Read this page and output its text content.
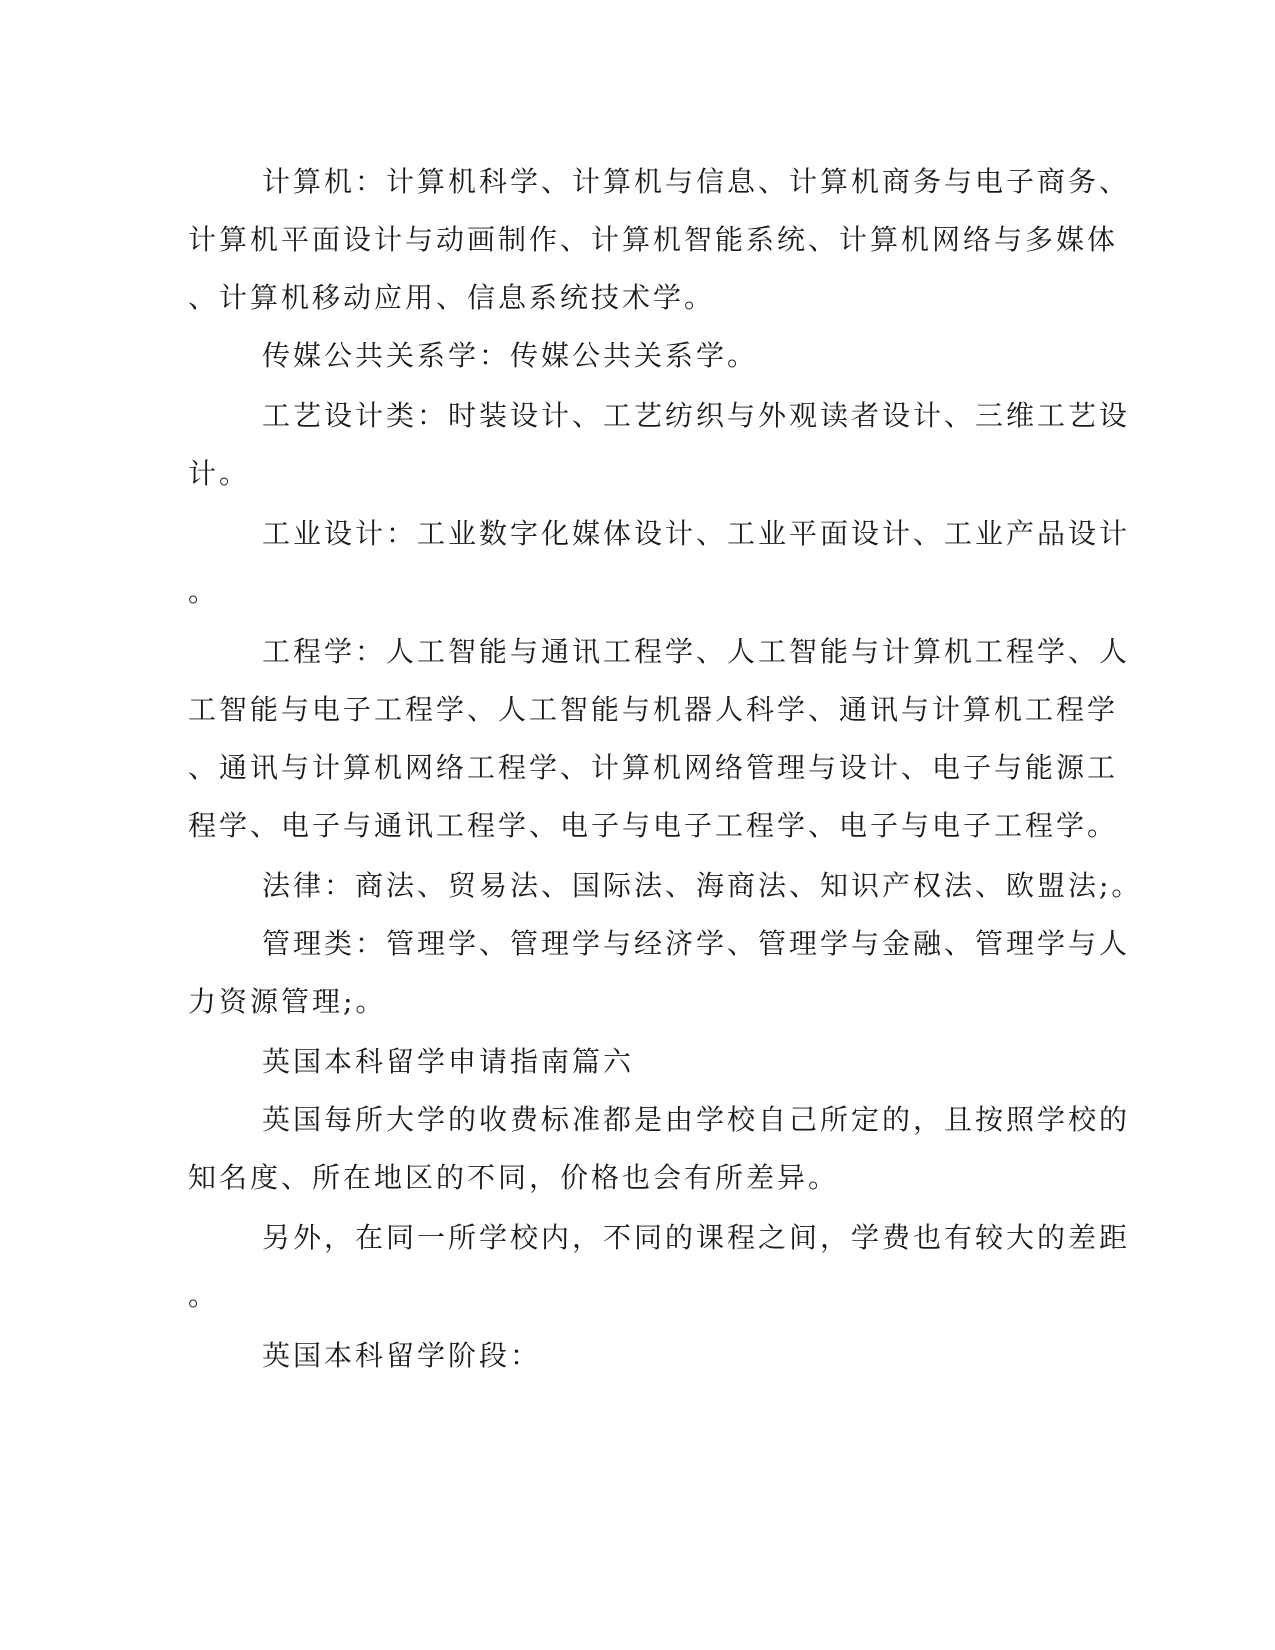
计算机：计算机科学、计算机与信息、计算机商务与电子商务、
计算机平面设计与动画制作、计算机智能系统、计算机网络与多媒体
、计算机移动应用、信息系统技术学。
传媒公共关系学：传媒公共关系学。
工艺设计类：时装设计、工艺纺织与外观读者设计、三维工艺设
计。
工业设计：工业数字化媒体设计、工业平面设计、工业产品设计
。
工程学：人工智能与通讯工程学、人工智能与计算机工程学、人
工智能与电子工程学、人工智能与机器人科学、通讯与计算机工程学
、通讯与计算机网络工程学、计算机网络管理与设计、电子与能源工
程学、电子与通讯工程学、电子与电子工程学、电子与电子工程学。
法律：商法、贸易法、国际法、海商法、知识产权法、欧盟法;。
管理类：管理学、管理学与经济学、管理学与金融、管理学与人
力资源管理;。
英国本科留学申请指南篇六
英国每所大学的收费标准都是由学校自己所定的，且按照学校的
知名度、所在地区的不同，价格也会有所差异。
另外，在同一所学校内，不同的课程之间，学费也有较大的差距
。
英国本科留学阶段：
